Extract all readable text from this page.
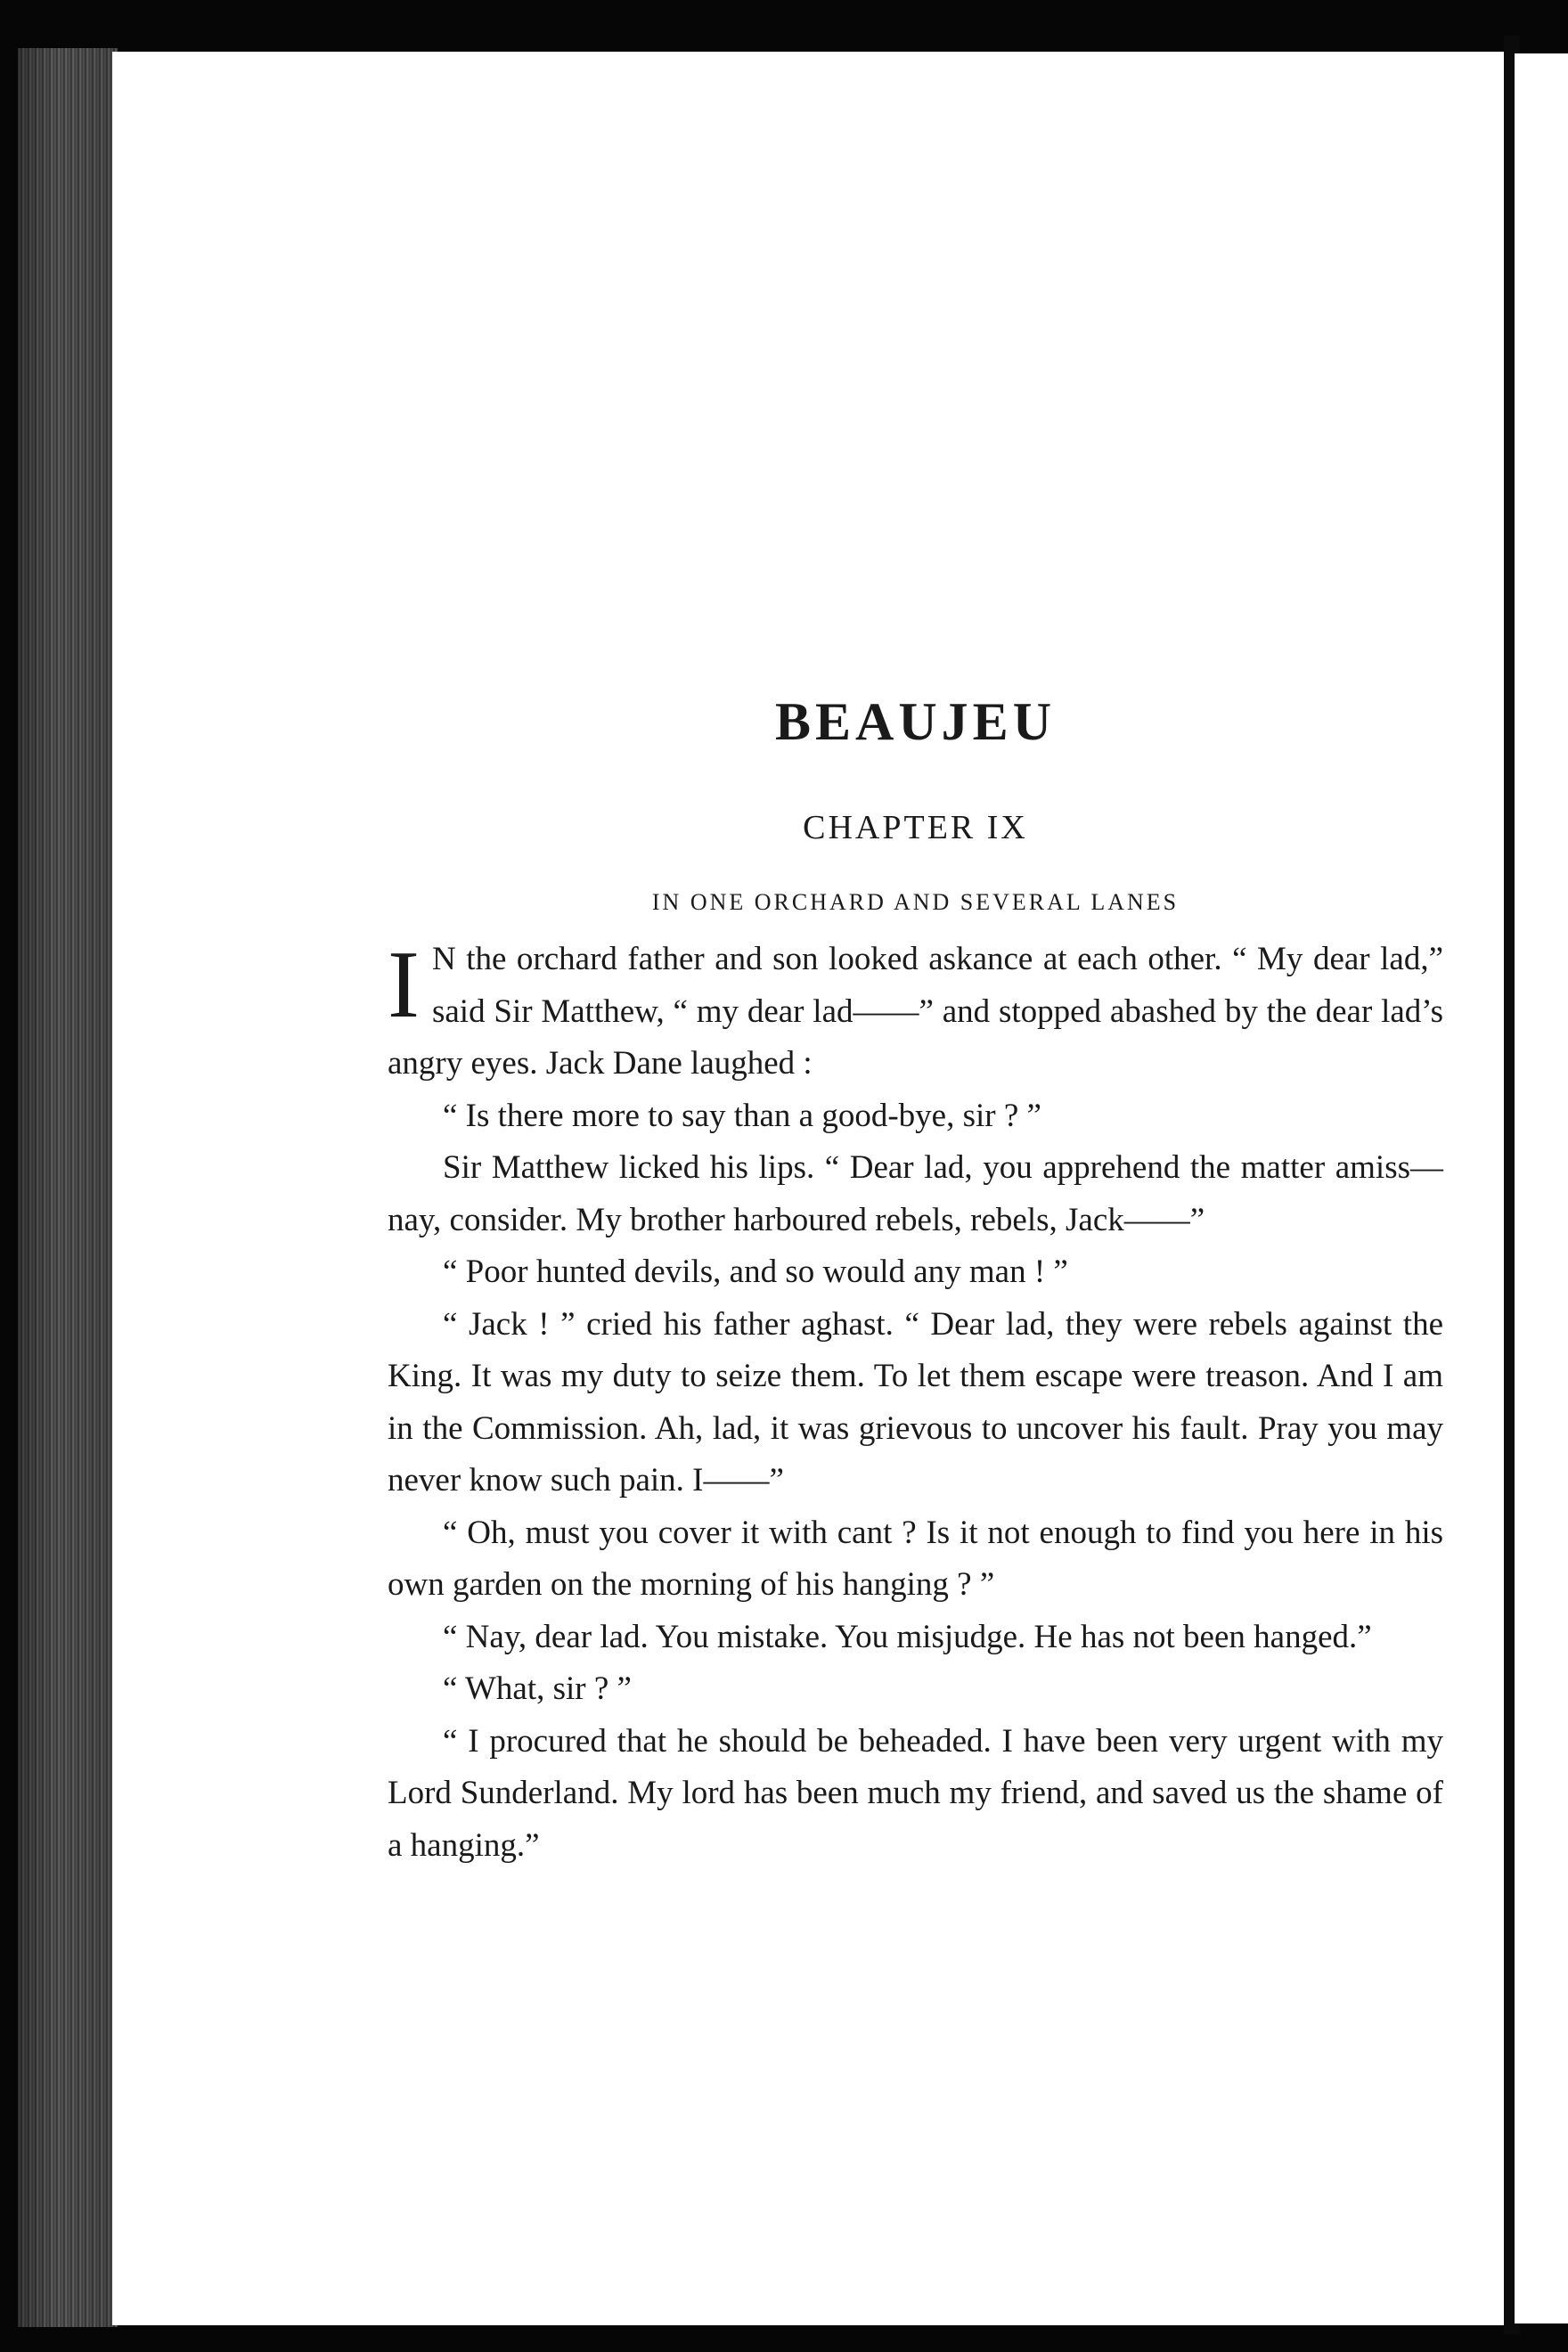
BEAUJEU
CHAPTER IX
IN ONE ORCHARD AND SEVERAL LANES

I N the orchard father and son looked askance at each other. “ My dear lad,” said Sir Matthew, “ my dear lad——” and stopped abashed by the dear lad’s angry eyes. Jack Dane laughed :

“ Is there more to say than a good-bye, sir ? ”

Sir Matthew licked his lips. “ Dear lad, you apprehend the matter amiss—nay, consider. My brother harboured rebels, rebels, Jack——”

“ Poor hunted devils, and so would any man ! ”

“ Jack ! ” cried his father aghast. “ Dear lad, they were rebels against the King. It was my duty to seize them. To let them escape were treason. And I am in the Commission. Ah, lad, it was grievous to uncover his fault. Pray you may never know such pain. I——”

“ Oh, must you cover it with cant ? Is it not enough to find you here in his own garden on the morning of his hanging ? ”

“ Nay, dear lad. You mistake. You misjudge. He has not been hanged.”

“ What, sir ? ”

“ I procured that he should be beheaded. I have been very urgent with my Lord Sunderland. My lord has been much my friend, and saved us the shame of a hanging.”
